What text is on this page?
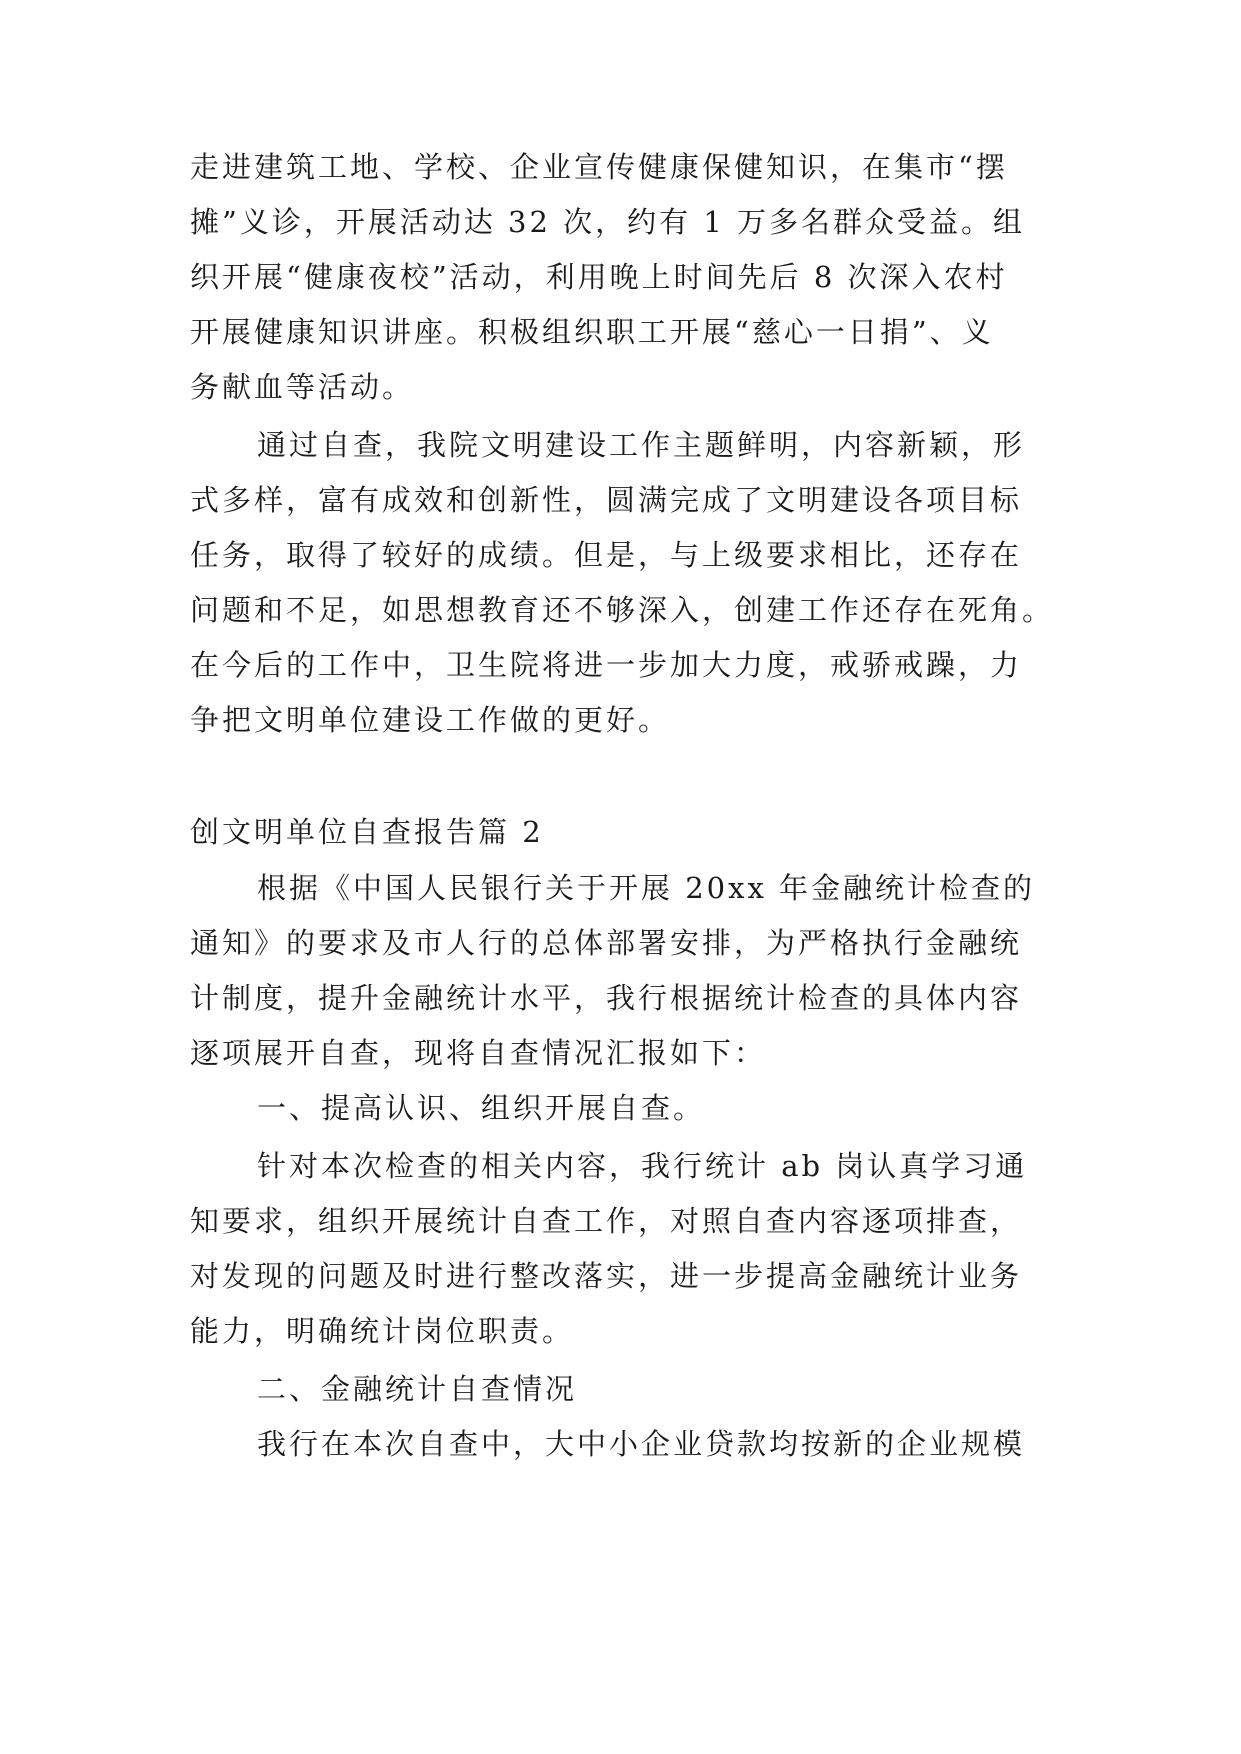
走进建筑工地、学校、企业宣传健康保健知识，在集市“摆
摊”义诊，开展活动达 32 次，约有 1 万多名群众受益。组
织开展“健康夜校”活动，利用晚上时间先后 8 次深入农村
开展健康知识讲座。积极组织职工开展“慈心一日捐”、义
务献血等活动。
通过自查，我院文明建设工作主题鲜明，内容新颖，形
式多样，富有成效和创新性，圆满完成了文明建设各项目标
任务，取得了较好的成绩。但是，与上级要求相比，还存在
问题和不足，如思想教育还不够深入，创建工作还存在死角。
在今后的工作中，卫生院将进一步加大力度，戒骄戒躁，力
争把文明单位建设工作做的更好。
创文明单位自查报告篇 2
根据《中国人民银行关于开展 20xx 年金融统计检查的
通知》的要求及市人行的总体部署安排，为严格执行金融统
计制度，提升金融统计水平，我行根据统计检查的具体内容
逐项展开自查，现将自查情况汇报如下：
一、提高认识、组织开展自查。
针对本次检查的相关内容，我行统计 ab 岗认真学习通
知要求，组织开展统计自查工作，对照自查内容逐项排查，
对发现的问题及时进行整改落实，进一步提高金融统计业务
能力，明确统计岗位职责。
二、金融统计自查情况
我行在本次自查中，大中小企业贷款均按新的企业规模
